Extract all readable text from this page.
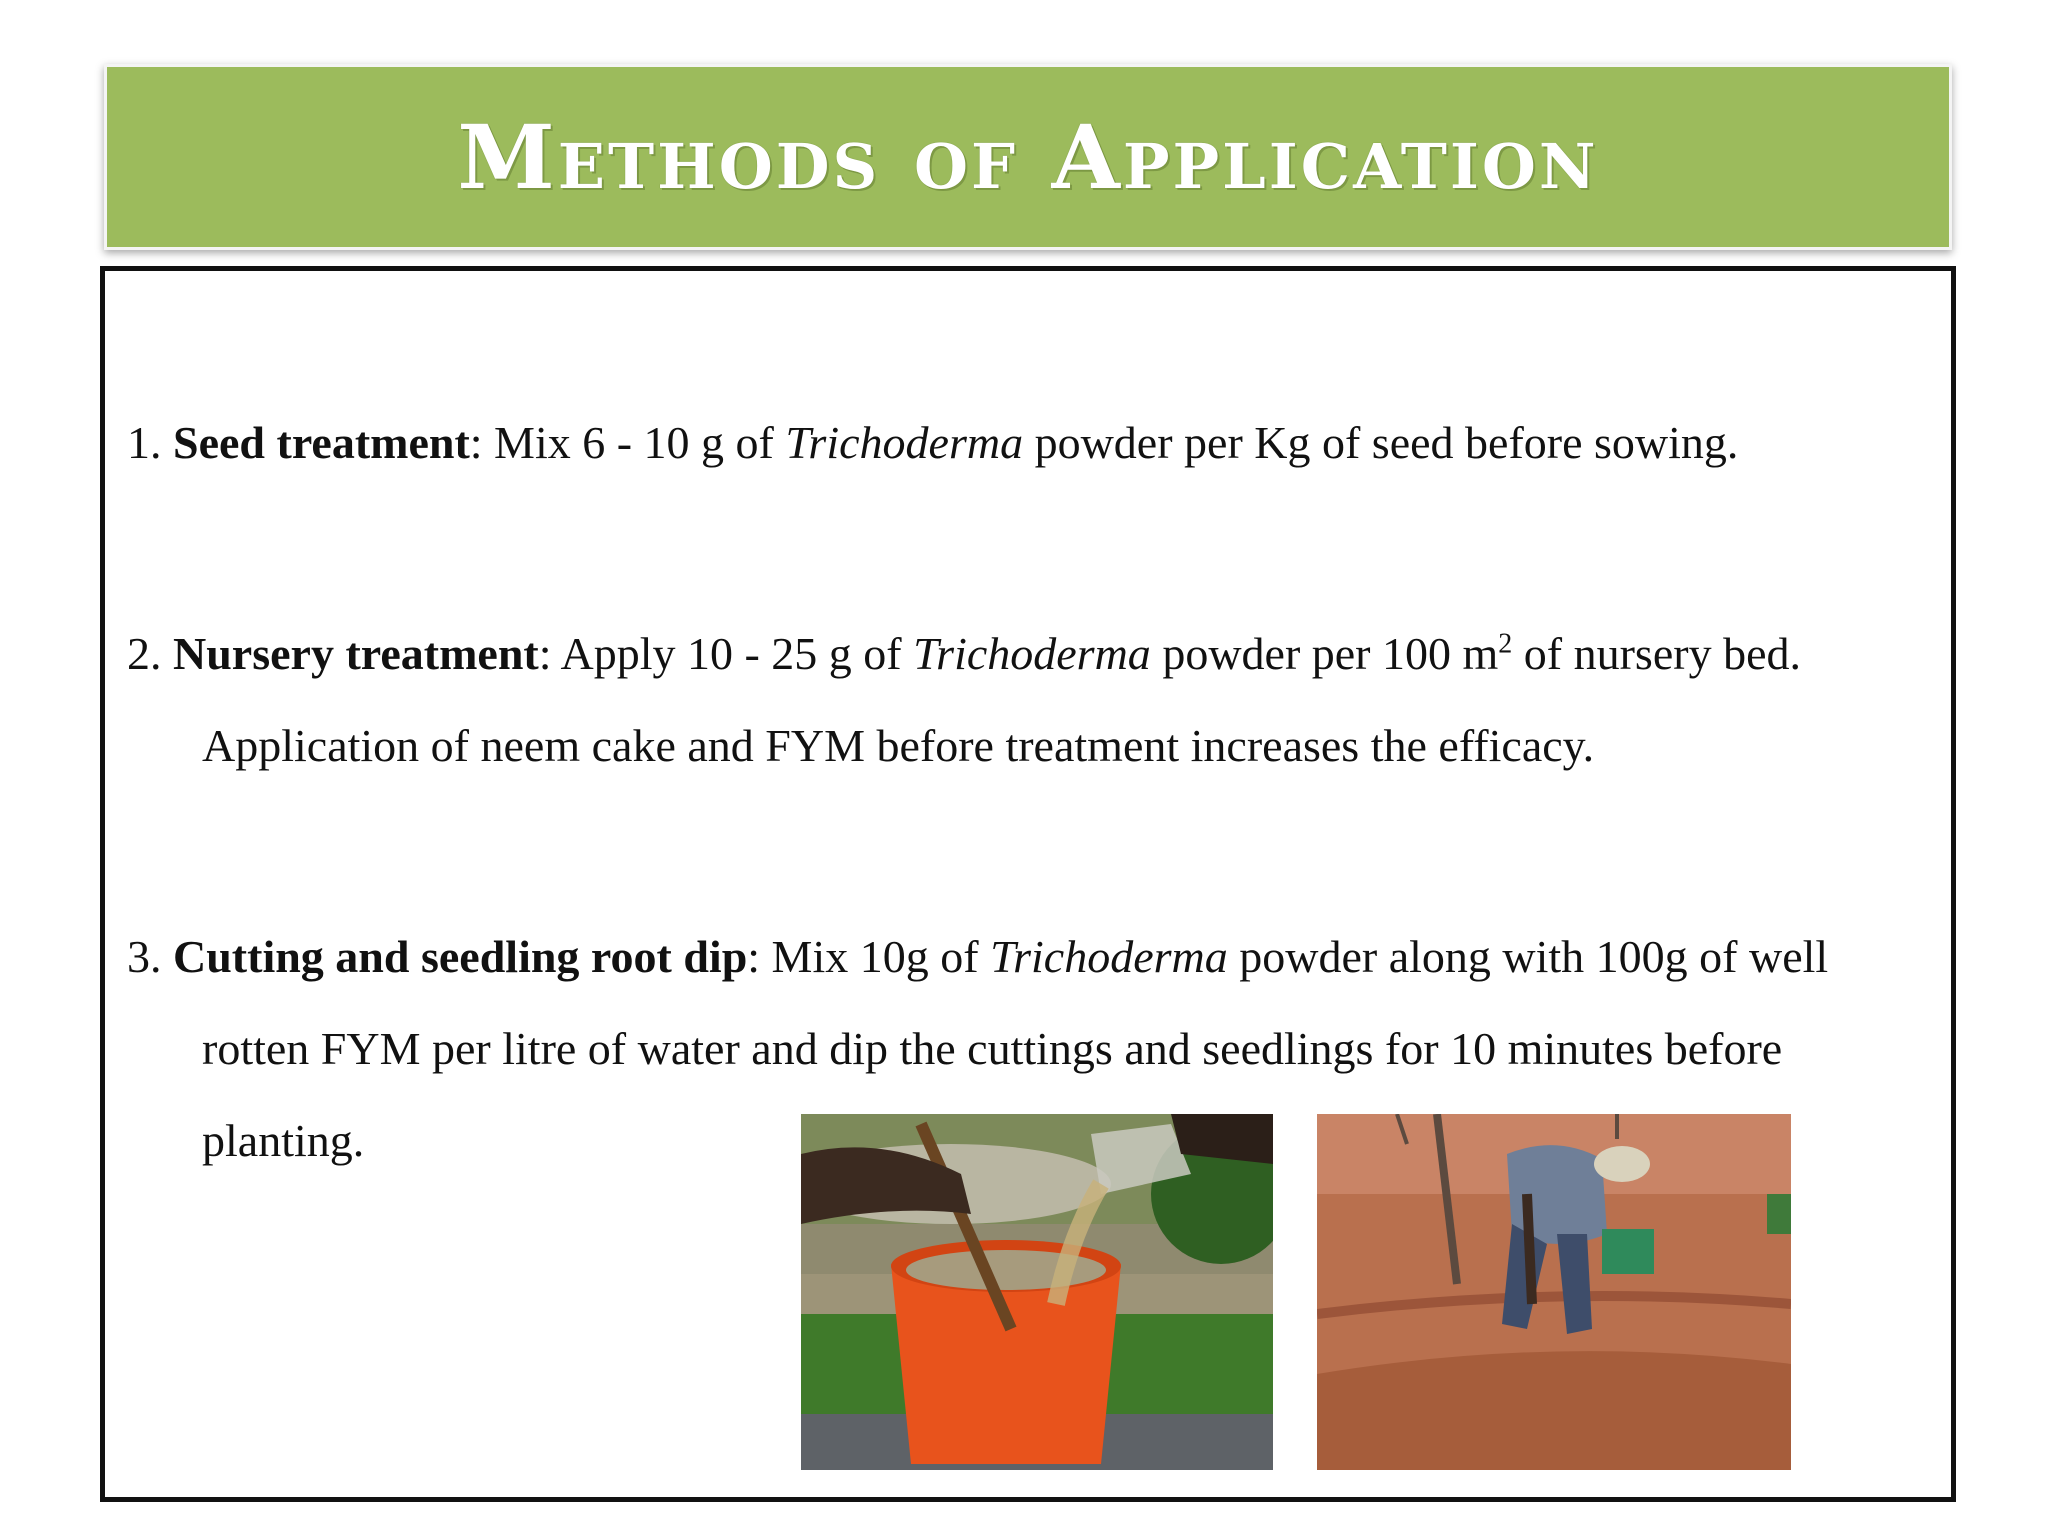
Methods of Application
1. Seed treatment: Mix 6 - 10 g of Trichoderma powder per Kg of seed before sowing.
2. Nursery treatment: Apply 10 - 25 g of Trichoderma powder per 100 $m^2$ of nursery bed. Application of neem cake and FYM before treatment increases the efficacy.
3. Cutting and seedling root dip: Mix 10g of Trichoderma powder along with 100g of well rotten FYM per litre of water and dip the cuttings and seedlings for 10 minutes before planting.
